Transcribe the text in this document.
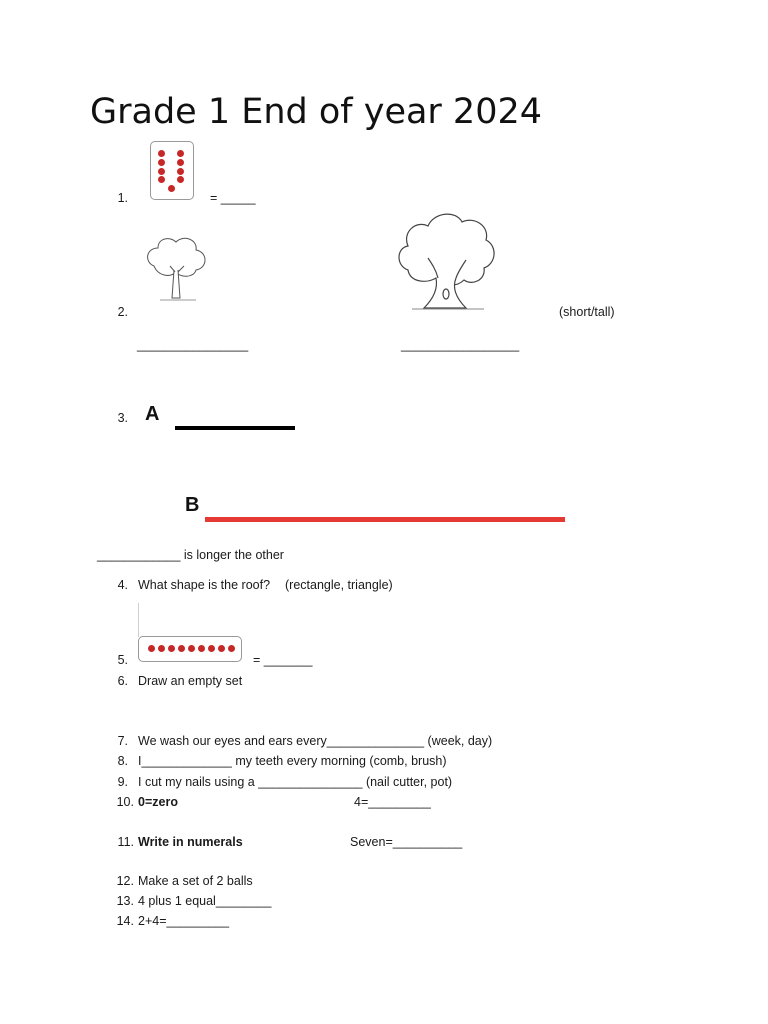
Grade 1 End of year 2024
1.	= _____
2.	(short/tall)
________________	_________________
3. A
B
____________ is longer the other
4. What shape is the roof? (rectangle, triangle)
5.	= _______
6. Draw an empty set
7. We wash our eyes and ears every______________ (week, day)
8. I_____________ my teeth every morning (comb, brush)
9. I cut my nails using a _______________ (nail cutter, pot)
10. 0=zero	4=_________
11. Write in numerals	Seven=__________
12. Make a set of 2 balls
13. 4 plus 1 equal________
14. 2+4=_________
